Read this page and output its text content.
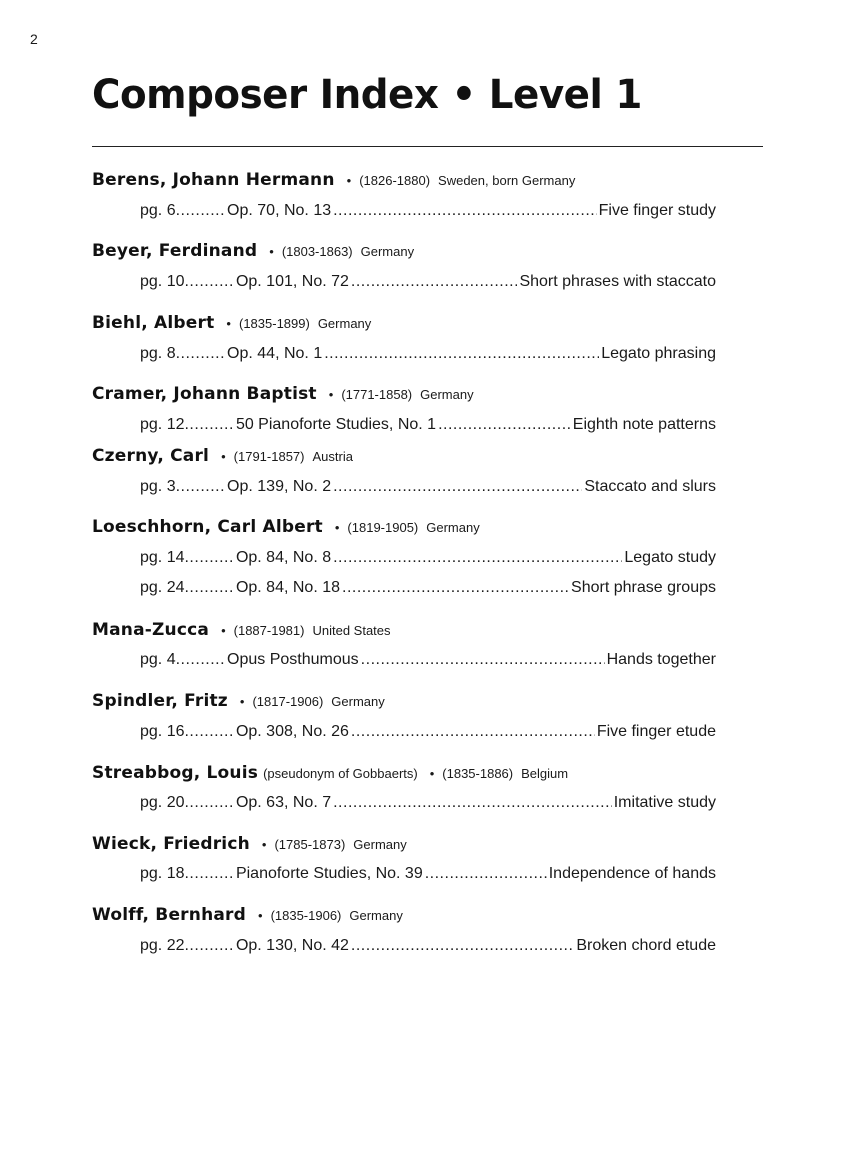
2
Composer Index • Level 1
Berens, Johann Hermann • (1826-1880) Sweden, born Germany
pg. 6 .....	Op. 70, No. 13 .....	Five finger study
Beyer, Ferdinand • (1803-1863) Germany
pg. 10 .....	Op. 101, No. 72 .....	Short phrases with staccato
Biehl, Albert • (1835-1899) Germany
pg. 8 .....	Op. 44, No. 1 .....	Legato phrasing
Cramer, Johann Baptist • (1771-1858) Germany
pg. 12 .....	50 Pianoforte Studies, No. 1 .....	Eighth note patterns
Czerny, Carl • (1791-1857) Austria
pg. 3 .....	Op. 139, No. 2 .....	Staccato and slurs
Loeschhorn, Carl Albert • (1819-1905) Germany
pg. 14 .....	Op. 84, No. 8 .....	Legato study
pg. 24 .....	Op. 84, No. 18 .....	Short phrase groups
Mana-Zucca • (1887-1981) United States
pg. 4 .....	Opus Posthumous .....	Hands together
Spindler, Fritz • (1817-1906) Germany
pg. 16 .....	Op. 308, No. 26 .....	Five finger etude
Streabbog, Louis (pseudonym of Gobbaerts) • (1835-1886) Belgium
pg. 20 .....	Op. 63, No. 7 .....	Imitative study
Wieck, Friedrich • (1785-1873) Germany
pg. 18 .....	Pianoforte Studies, No. 39 .....	Independence of hands
Wolff, Bernhard • (1835-1906) Germany
pg. 22 .....	Op. 130, No. 42 .....	Broken chord etude
